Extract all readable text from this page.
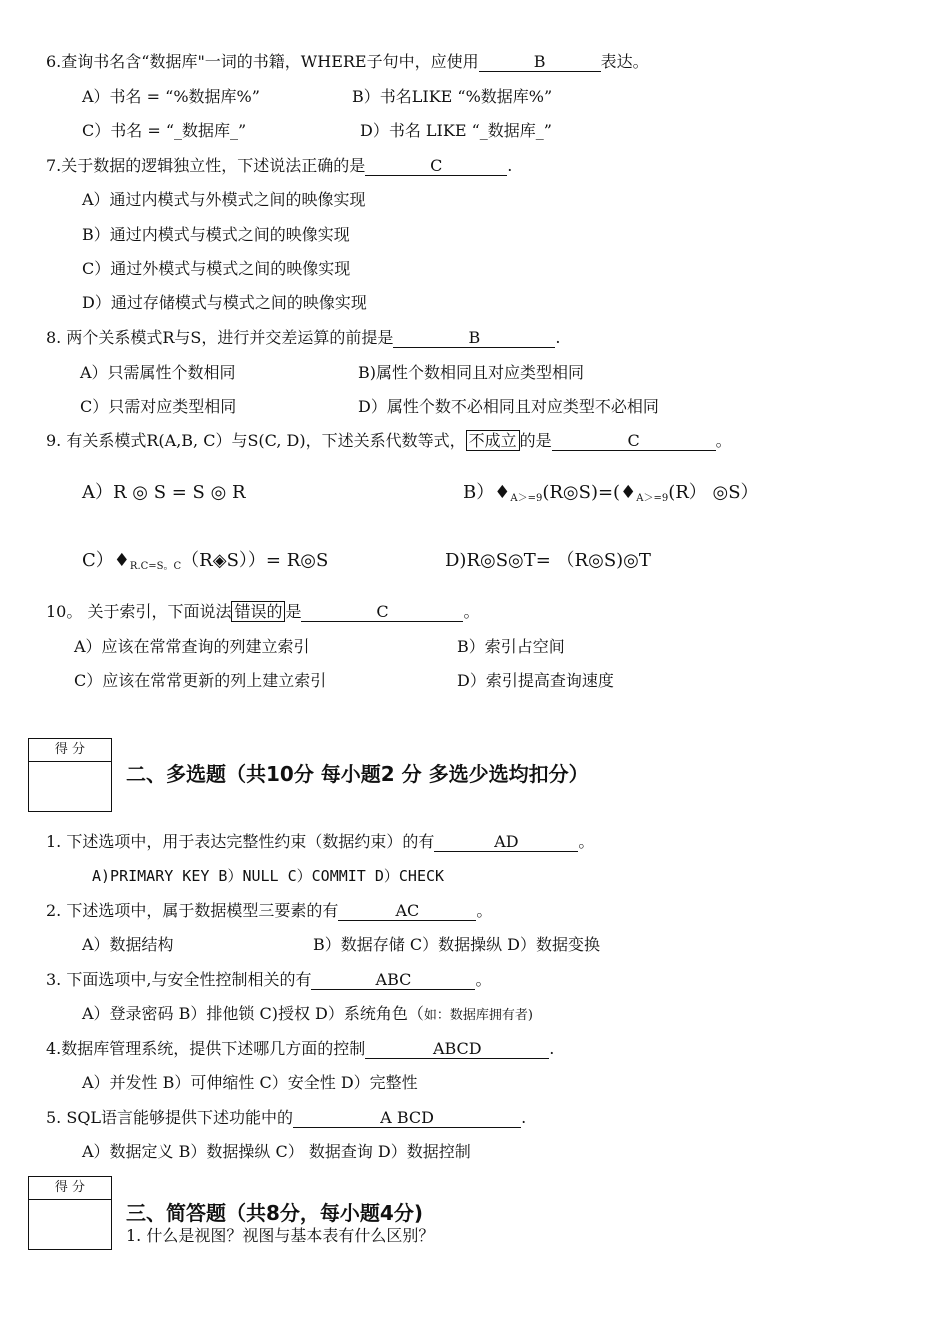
6.查询书名含“数据库"一词的书籍，WHERE子句中，应使用	B	表达。
A）书名 = “%数据库%”	B）书名LIKE “%数据库%”
C）书名 = “_数据库_”	D）书名 LIKE “_数据库_”
7.关于数据的逻辑独立性，下述说法正确的是	C	.
A）通过内模式与外模式之间的映像实现
B）通过内模式与模式之间的映像实现
C）通过外模式与模式之间的映像实现
D）通过存储模式与模式之间的映像实现
8. 两个关系模式R与S，进行并交差运算的前提是	B	.
A）只需属性个数相同	B)属性个数相同且对应类型相同
C）只需对应类型相同	D）属性个数不必相同且对应类型不必相同
9. 有关系模式R(A,B, C）与S(C, D)，下述关系代数等式， 不成立 的是	C	。
A）R ◎ S = S ◎ R	$B)♦_{A>=9}(R◎S)=(♦_{A>=9}(R)$ ◎S）
$C)♦_{R.C=S。C}(R◈S))=$ R◎S	D)R◎S◎T= （R◎S)◎T
10。 关于索引，下面说法 错误的 是	C	。
A）应该在常常查询的列建立索引	B）索引占空间
C）应该在常常更新的列上建立索引	D）索引提高查询速度
得 分
二、多选题（共10分 每小题2 分 多选少选均扣分）
1. 下述选项中，用于表达完整性约束（数据约束）的有	AD	。
A)PRIMARY KEY B）NULL C）COMMIT D）CHECK
2. 下述选项中，属于数据模型三要素的有	AC	。
A）数据结构	B）数据存储 C）数据操纵 D）数据变换
3. 下面选项中,与安全性控制相关的有	ABC	。
A）登录密码 B）排他锁 C)授权 D）系统角色（如：数据库拥有者)
4.数据库管理系统，提供下述哪几方面的控制	ABCD	.
A）并发性 B）可伸缩性 C）安全性 D）完整性
5. SQL语言能够提供下述功能中的	A BCD	.
A）数据定义 B）数据操纵 C） 数据查询 D）数据控制
得 分
三、简答题（共8分，每小题4分)
1. 什么是视图？视图与基本表有什么区别？
